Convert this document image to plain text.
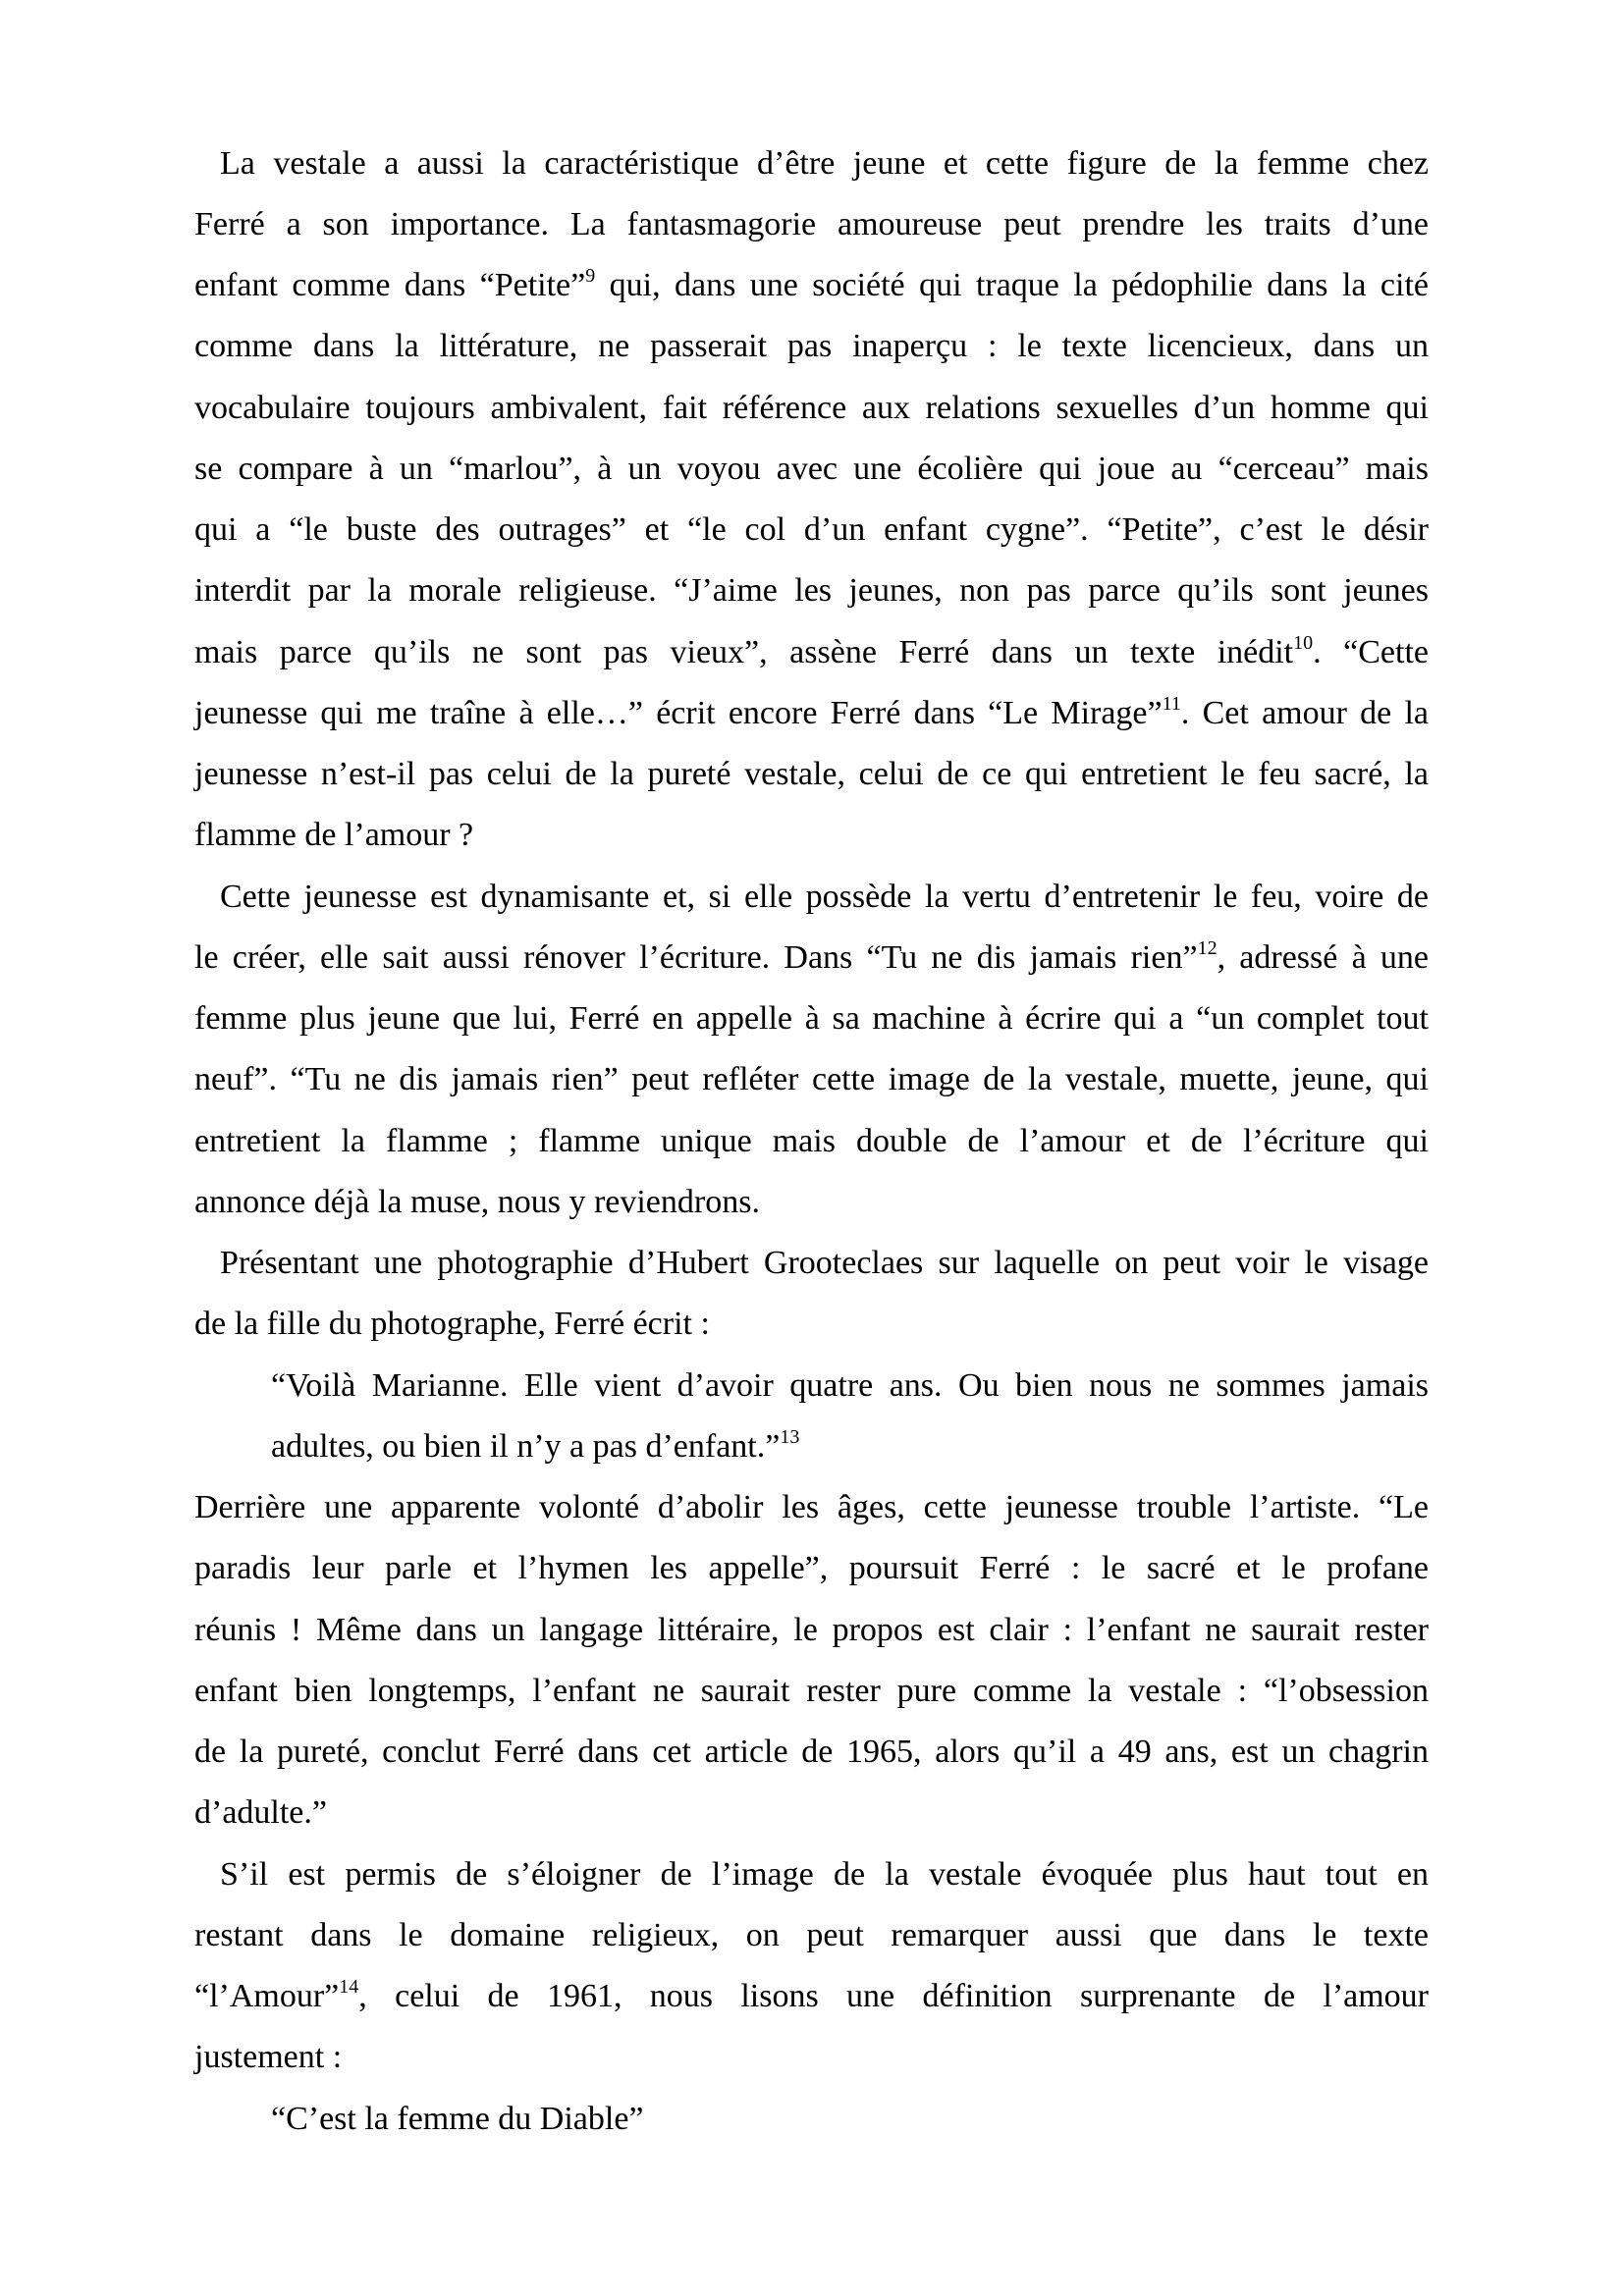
La vestale a aussi la caractéristique d’être jeune et cette figure de la femme chez
Ferré a son importance. La fantasmagorie amoureuse peut prendre les traits d’une
enfant comme dans “Petite”$^9$ qui, dans une société qui traque la pédophilie dans la cité
comme dans la littérature, ne passerait pas inaperçu : le texte licencieux, dans un
vocabulaire toujours ambivalent, fait référence aux relations sexuelles d’un homme qui
se compare à un “marlou”, à un voyou avec une écolière qui joue au “cerceau” mais
qui a “le buste des outrages” et “le col d’un enfant cygne”. “Petite”, c’est le désir
interdit par la morale religieuse. “J’aime les jeunes, non pas parce qu’ils sont jeunes
mais parce qu’ils ne sont pas vieux”, assène Ferré dans un texte inédit$^{10}$. “Cette
jeunesse qui me traîne à elle…” écrit encore Ferré dans “Le Mirage”$^{11}$. Cet amour de la
jeunesse n’est-il pas celui de la pureté vestale, celui de ce qui entretient le feu sacré, la
flamme de l’amour ?
Cette jeunesse est dynamisante et, si elle possède la vertu d’entretenir le feu, voire de
le créer, elle sait aussi rénover l’écriture. Dans “Tu ne dis jamais rien”$^{12}$, adressé à une
femme plus jeune que lui, Ferré en appelle à sa machine à écrire qui a “un complet tout
neuf”. “Tu ne dis jamais rien” peut refléter cette image de la vestale, muette, jeune, qui
entretient la flamme ; flamme unique mais double de l’amour et de l’écriture qui
annonce déjà la muse, nous y reviendrons.
Présentant une photographie d’Hubert Grooteclaes sur laquelle on peut voir le visage
de la fille du photographe, Ferré écrit :
“Voilà Marianne. Elle vient d’avoir quatre ans. Ou bien nous ne sommes jamais
adultes, ou bien il n’y a pas d’enfant.”$^{13}$
Derrière une apparente volonté d’abolir les âges, cette jeunesse trouble l’artiste. “Le
paradis leur parle et l’hymen les appelle”, poursuit Ferré : le sacré et le profane
réunis ! Même dans un langage littéraire, le propos est clair : l’enfant ne saurait rester
enfant bien longtemps, l’enfant ne saurait rester pure comme la vestale : “l’obsession
de la pureté, conclut Ferré dans cet article de 1965, alors qu’il a 49 ans, est un chagrin
d’adulte.”
S’il est permis de s’éloigner de l’image de la vestale évoquée plus haut tout en
restant dans le domaine religieux, on peut remarquer aussi que dans le texte
“l’Amour”$^{14}$, celui de 1961, nous lisons une définition surprenante de l’amour
justement :
“C’est la femme du Diable”
